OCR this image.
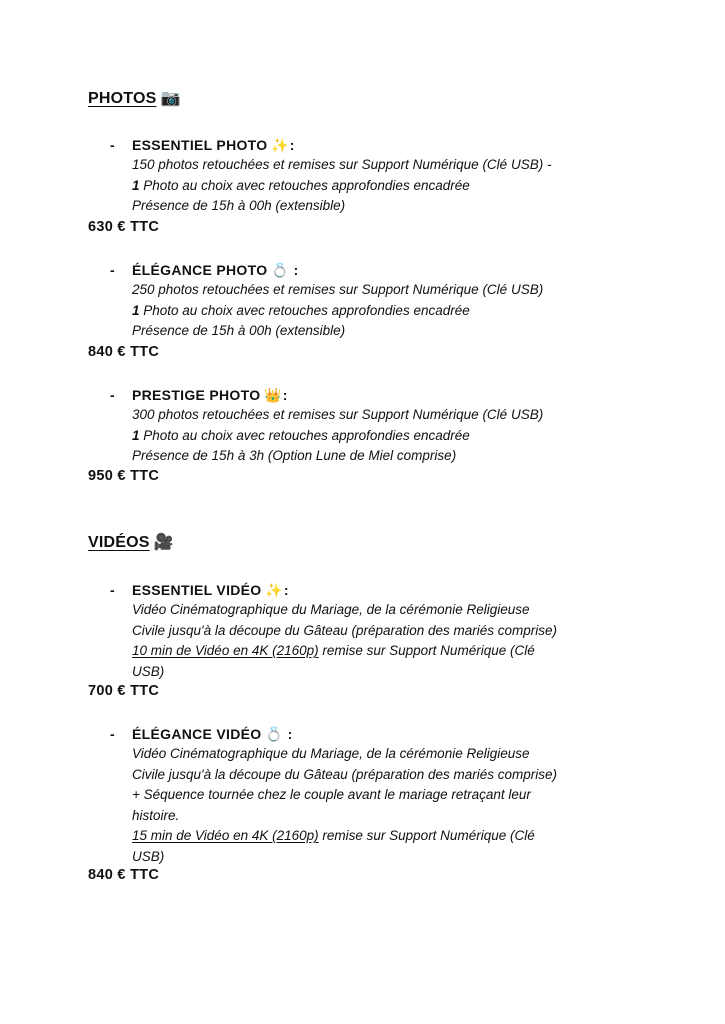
PHOTOS 📷
- ESSENTIEL PHOTO ✨:
150 photos retouchées et remises sur Support Numérique (Clé USB) -
1 Photo au choix avec retouches approfondies encadrée
Présence de 15h à 00h (extensible)
630 € TTC
- ÉLÉGANCE PHOTO 💍 :
250 photos retouchées et remises sur Support Numérique (Clé USB)
1 Photo au choix avec retouches approfondies encadrée
Présence de 15h à 00h (extensible)
840 € TTC
- PRESTIGE PHOTO 👑:
300 photos retouchées et remises sur Support Numérique (Clé USB)
1 Photo au choix avec retouches approfondies encadrée
Présence de 15h à 3h (Option Lune de Miel comprise)
950 € TTC
VIDÉOS 🎥
- ESSENTIEL VIDÉO ✨:
Vidéo Cinématographique du Mariage, de la cérémonie Religieuse
Civile jusqu'à la découpe du Gâteau (préparation des mariés comprise)
10 min de Vidéo en 4K (2160p) remise sur Support Numérique (Clé
USB)
700 € TTC
- ÉLÉGANCE VIDÉO 💍 :
Vidéo Cinématographique du Mariage, de la cérémonie Religieuse
Civile jusqu'à la découpe du Gâteau (préparation des mariés comprise)
+ Séquence tournée chez le couple avant le mariage retraçant leur
histoire.
15 min de Vidéo en 4K (2160p) remise sur Support Numérique (Clé
USB)
840 € TTC
